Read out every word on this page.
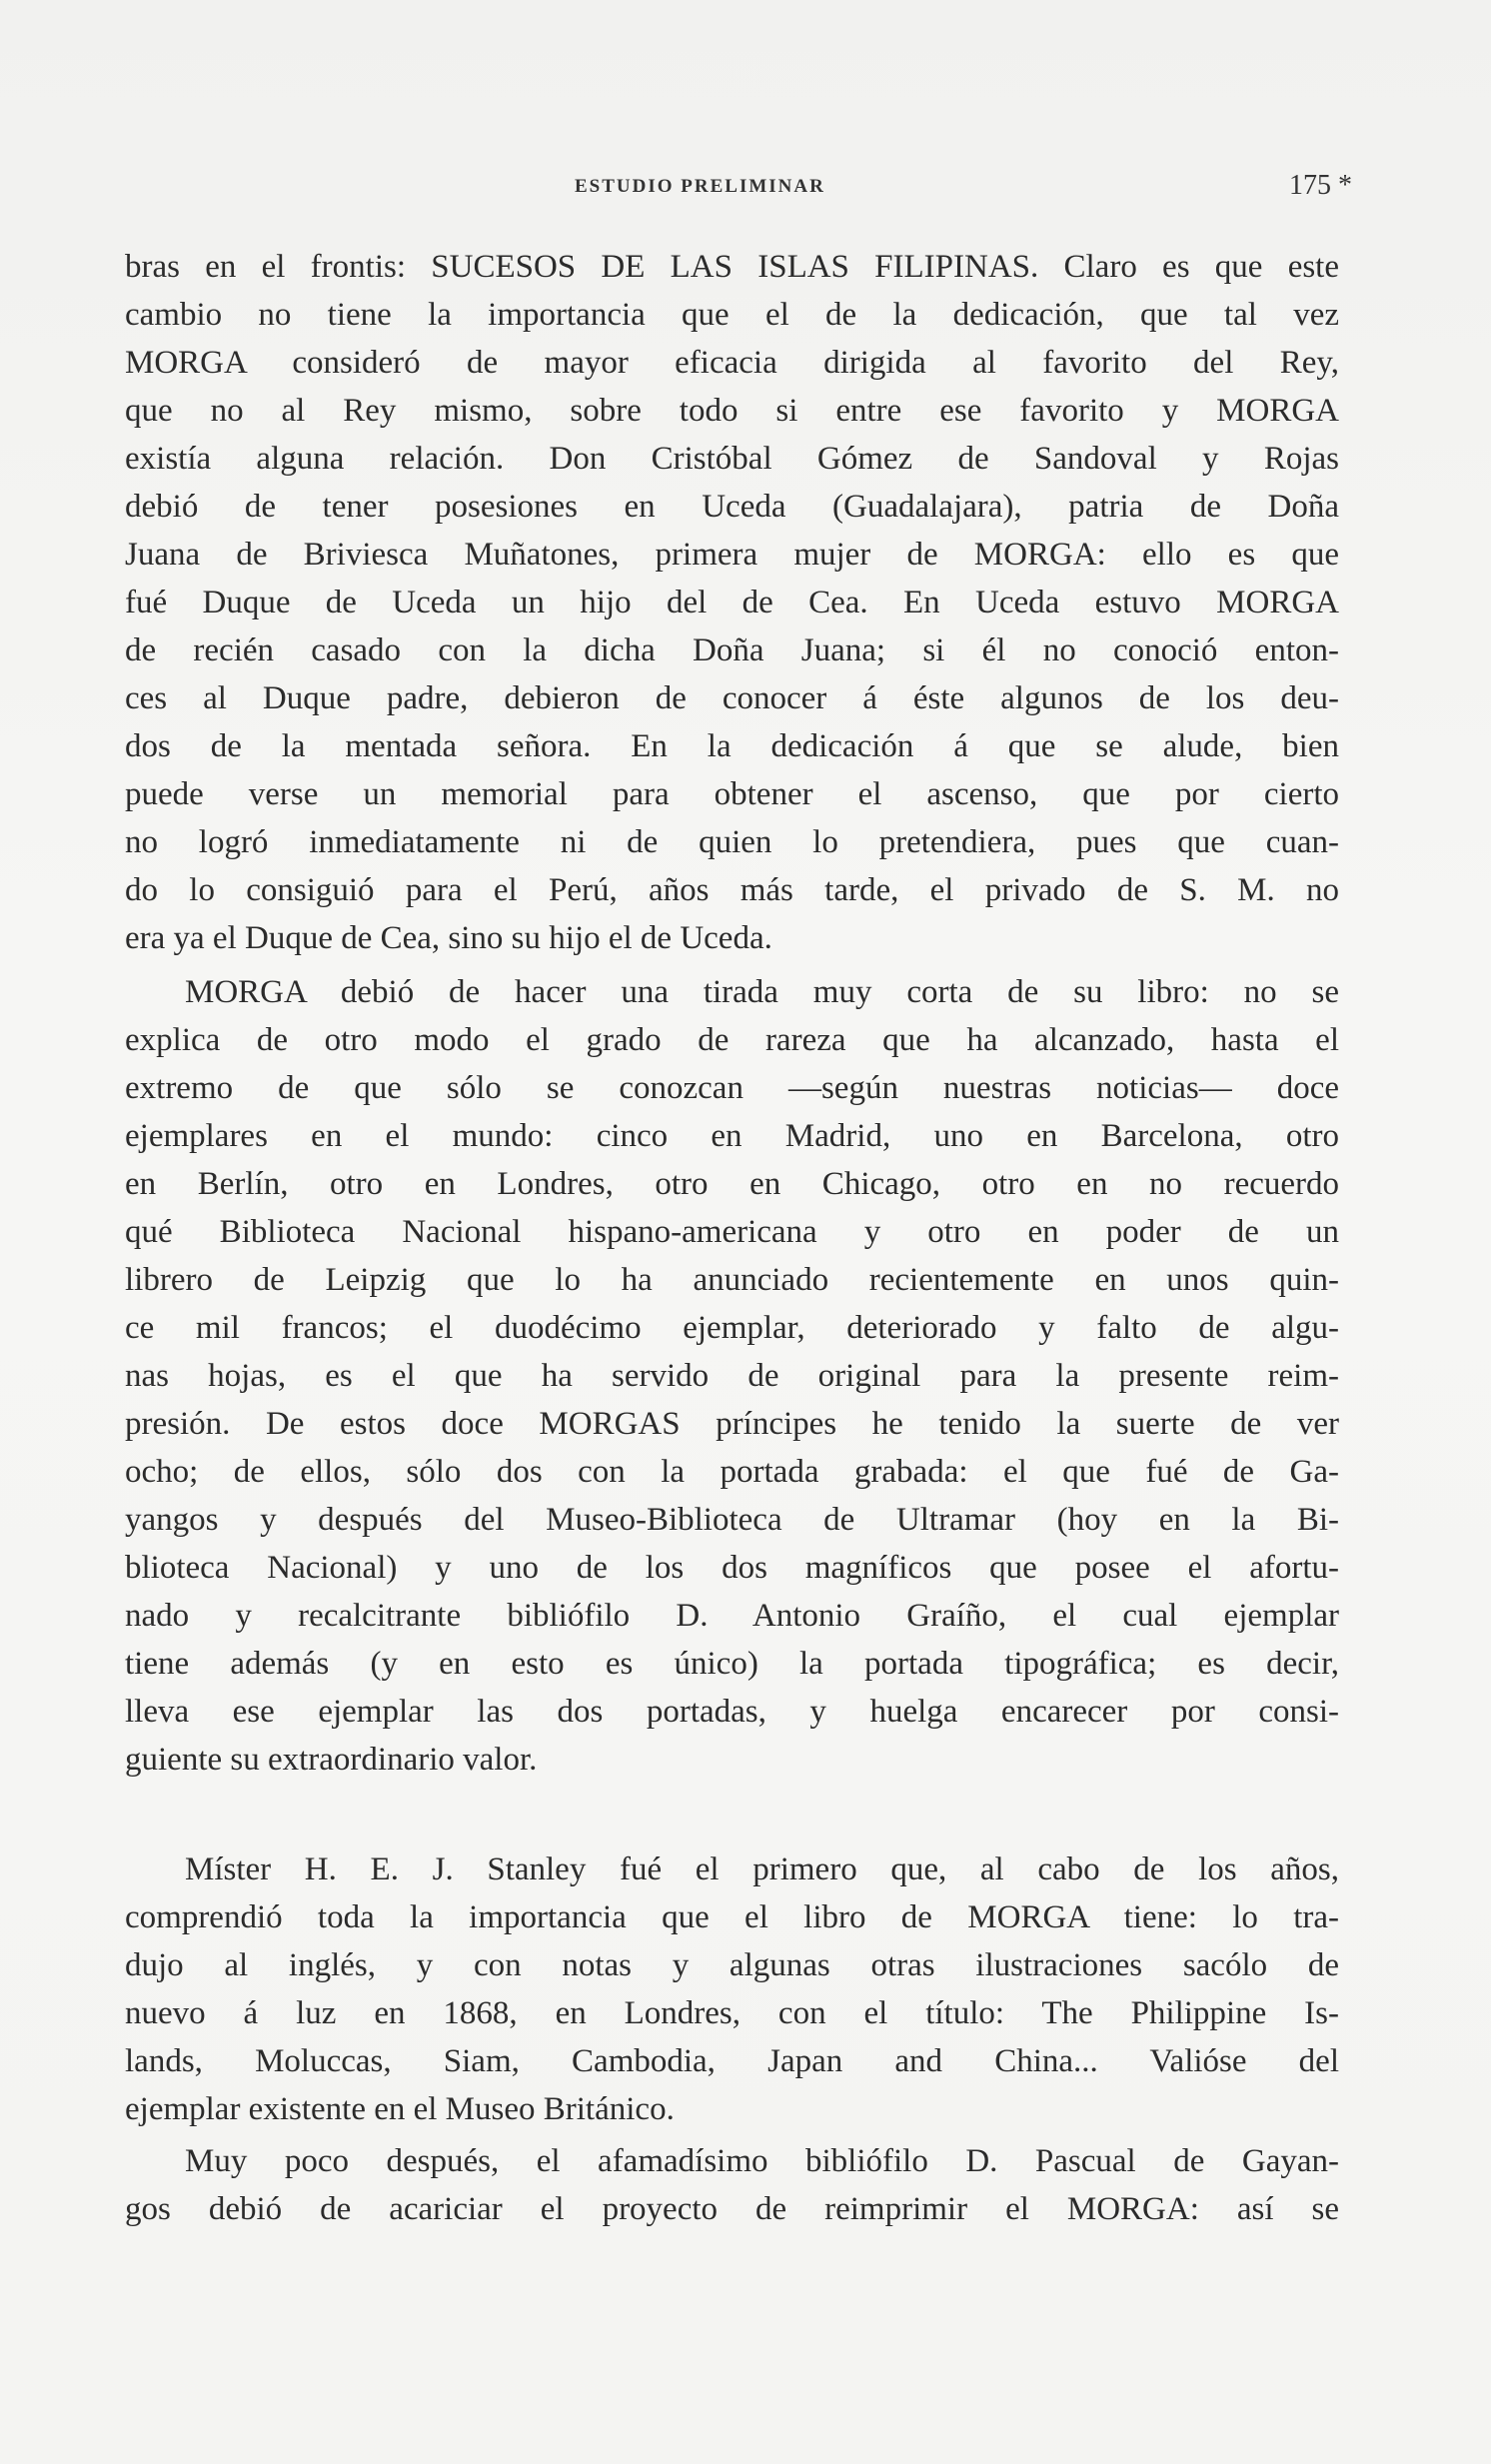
ESTUDIO PRELIMINAR	175 *
bras en el frontis: SUCESOS DE LAS ISLAS FILIPINAS. Claro es que este
cambio no tiene la importancia que el de la dedicación, que tal vez
MORGA consideró de mayor eficacia dirigida al favorito del Rey,
que no al Rey mismo, sobre todo si entre ese favorito y MORGA
existía alguna relación. Don Cristóbal Gómez de Sandoval y Rojas
debió de tener posesiones en Uceda (Guadalajara), patria de Doña
Juana de Briviesca Muñatones, primera mujer de MORGA: ello es que
fué Duque de Uceda un hijo del de Cea. En Uceda estuvo MORGA
de recién casado con la dicha Doña Juana; si él no conoció enton-
ces al Duque padre, debieron de conocer á éste algunos de los deu-
dos de la mentada señora. En la dedicación á que se alude, bien
puede verse un memorial para obtener el ascenso, que por cierto
no logró inmediatamente ni de quien lo pretendiera, pues que cuan-
do lo consiguió para el Perú, años más tarde, el privado de S. M. no
era ya el Duque de Cea, sino su hijo el de Uceda.
MORGA debió de hacer una tirada muy corta de su libro: no se
explica de otro modo el grado de rareza que ha alcanzado, hasta el
extremo de que sólo se conozcan —según nuestras noticias— doce
ejemplares en el mundo: cinco en Madrid, uno en Barcelona, otro
en Berlín, otro en Londres, otro en Chicago, otro en no recuerdo
qué Biblioteca Nacional hispano-americana y otro en poder de un
librero de Leipzig que lo ha anunciado recientemente en unos quin-
ce mil francos; el duodécimo ejemplar, deteriorado y falto de algu-
nas hojas, es el que ha servido de original para la presente reim-
presión. De estos doce MORGAS príncipes he tenido la suerte de ver
ocho; de ellos, sólo dos con la portada grabada: el que fué de Ga-
yangos y después del Museo-Biblioteca de Ultramar (hoy en la Bi-
blioteca Nacional) y uno de los dos magníficos que posee el afortu-
nado y recalcitrante bibliófilo D. Antonio Graíño, el cual ejemplar
tiene además (y en esto es único) la portada tipográfica; es decir,
lleva ese ejemplar las dos portadas, y huelga encarecer por consi-
guiente su extraordinario valor.
Míster H. E. J. Stanley fué el primero que, al cabo de los años,
comprendió toda la importancia que el libro de MORGA tiene: lo tra-
dujo al inglés, y con notas y algunas otras ilustraciones sacólo de
nuevo á luz en 1868, en Londres, con el título: The Philippine Is-
lands, Moluccas, Siam, Cambodia, Japan and China... Valióse del
ejemplar existente en el Museo Británico.
Muy poco después, el afamadísimo bibliófilo D. Pascual de Gayan-
gos debió de acariciar el proyecto de reimprimir el MORGA: así se
